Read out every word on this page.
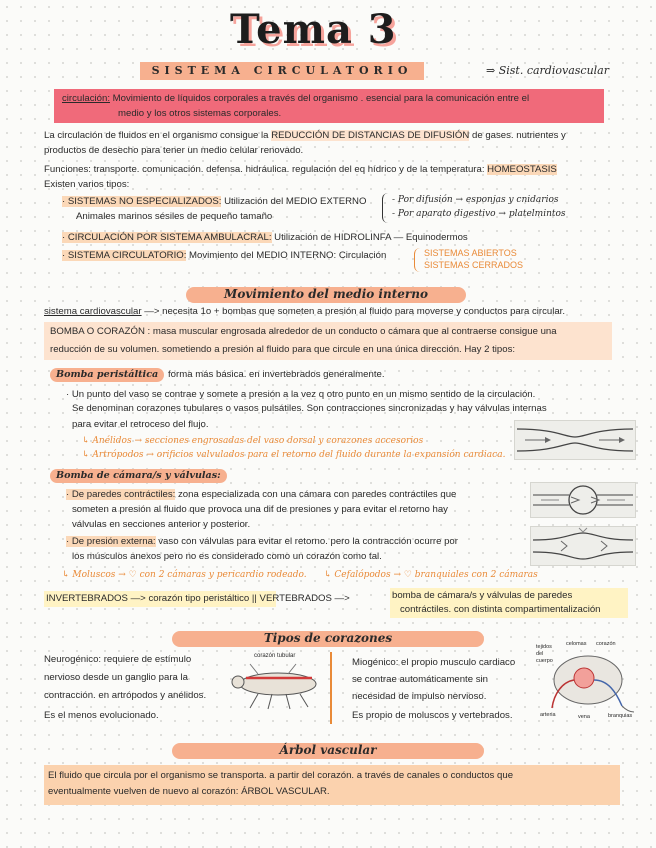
Tema 3
SISTEMA CIRCULATORIO	⇒ Sist. cardiovascular
circulación: Movimiento de líquidos corporales a través del organismo . esencial para la comunicación entre el
medio y los otros sistemas corporales.
La circulación de fluidos en el organismo consigue la REDUCCIÓN DE DISTANCIAS DE DIFUSIÓN de gases. nutrientes y
productos de desecho para tener un medio celular renovado.
Funciones: transporte. comunicación. defensa. hidráulica. regulación del eq hídrico y de la temperatura: HOMEOSTASIS
Existen varios tipos:
· SISTEMAS NO ESPECIALIZADOS: Utilización del MEDIO EXTERNO
Animales marinos sésiles de pequeño tamaño
- Por difusión → esponjas y cnidarios
- Por aparato digestivo → platelmintos
· CIRCULACIÓN POR SISTEMA AMBULACRAL: Utilización de HIDROLINFA — Equinodermos
· SISTEMA CIRCULATORIO: Movimiento del MEDIO INTERNO: Circulación	SISTEMAS ABIERTOS
SISTEMAS CERRADOS
Movimiento del medio interno
sistema cardiovascular —> necesita 1o + bombas que someten a presión al fluido para moverse y conductos para circular.
BOMBA O CORAZÓN : masa muscular engrosada alrededor de un conducto o cámara que al contraerse consigue una
reducción de su volumen. sometiendo a presión al fluido para que circule en una única dirección. Hay 2 tipos:
Bomba peristáltica	forma más básica. en invertebrados generalmente.
· Un punto del vaso se contrae y somete a presión a la vez q otro punto en un mismo sentido de la circulación.
Se denominan corazones tubulares o vasos pulsátiles. Son contracciones sincronizadas y hay válvulas internas
para evitar el retroceso del flujo.
↳ Anélidos → secciones engrosadas del vaso dorsal y corazones accesorios
↳ Artrópodos → orificios valvulados para el retorno del fluido durante la expansión cardiaca.
Bomba de cámara/s y válvulas:
· De paredes contráctiles: zona especializada con una cámara con paredes contráctiles que
someten a presión al fluido que provoca una dif de presiones y para evitar el retorno hay
válvulas en secciones anterior y posterior.
· De presión externa: vaso con válvulas para evitar el retorno. pero la contracción ocurre por
los músculos anexos pero no es considerado como un corazón como tal.
↳ Moluscos → ♡ con 2 cámaras y pericardio rodeado. ↳ Cefalópodos → ♡ branquiales con 2 cámaras
INVERTEBRADOS —> corazón tipo peristáltico || VERTEBRADOS —>	bomba de cámara/s y válvulas de paredes
contráctiles. con distinta compartimentalización
Tipos de corazones
Neurogénico: requiere de estímulo
nervioso desde un ganglio para la
contracción. en artrópodos y anélidos.
Es el menos evolucionado.
corazón tubular
Miogénico: el propio musculo cardiaco
se contrae automáticamente sin
necesidad de impulso nervioso.
Es propio de moluscos y vertebrados.
tejidos del cuerpo
corazón
celomas
arteria	vena	branquias
Árbol vascular
El fluido que circula por el organismo se transporta. a partir del corazón. a través de canales o conductos que
eventualmente vuelven de nuevo al corazón: ÁRBOL VASCULAR.
